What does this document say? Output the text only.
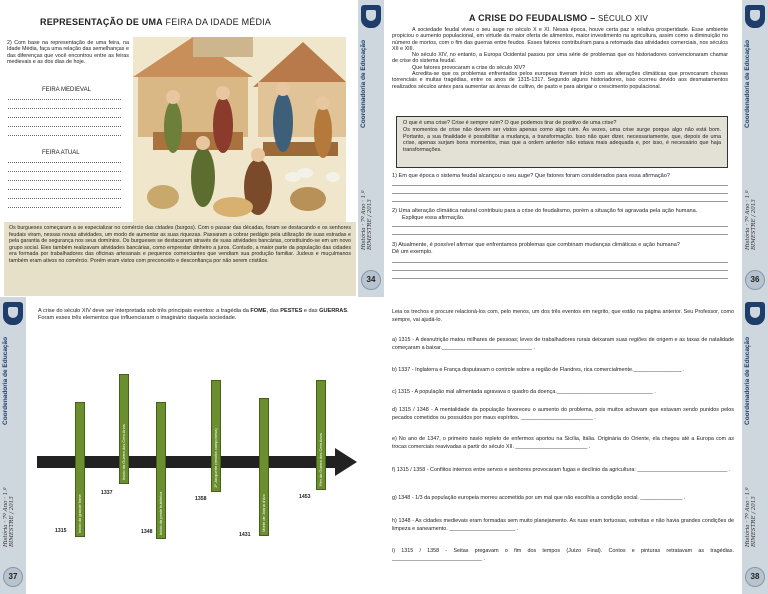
REPRESENTAÇÃO DE UMA FEIRA DA IDADE MÉDIA
2) Com base na representação de uma feira, na Idade Média, faça uma relação das semelhanças e das diferenças que você encontrou entre as feiras medievais e as dos dias de hoje.
FEIRA MEDIEVAL
FEIRA ATUAL
Os burgueses começaram a se especializar no comércio das cidades (burgos). Com o passar das décadas, foram se destacando e os senhores feudais viram, nessas novas atividades, um modo de aumentar as suas riquezas. Passaram a cobrar pedágio pela utilização de suas estradas e pela garantia de segurança nos seus domínios. Os burgueses se destacaram através de suas atividades bancárias, constituindo-se em um novo grupo social. Eles também realizavam atividades bancárias, como emprestar dinheiro a juros. Contudo, a maior parte da população das cidades era formada por trabalhadores das oficinas artesanais e pequenos comerciantes que vendiam sua produção familiar. Judeus e muçulmanos também eram ativos no comércio. Porém eram vistos com preconceito e desconfiança por não serem cristãos.
Coordenadoria de Educação
História · 7º Ano · 1.º BIMESTRE / 2013
34
A CRISE DO FEUDALISMO – SÉCULO XIV

A sociedade feudal viveu o seu auge no século X e XI. Nessa época, houve certa paz e relativa prosperidade. Esse ambiente propiciou o aumento populacional, em virtude da maior oferta de alimentos, maior investimento na agricultura, assim como a diminuição no número de mortos, com o fim das guerras entre feudos. Esses fatores contribuíram para a retomada das atividades comerciais, nos séculos XII e XIII.

No século XIV, no entanto, a Europa Ocidental passou por uma série de problemas que os historiadores convencionaram chamar de crise do sistema feudal.

Que fatores provocaram a crise do século XIV?

Acredita-se que os problemas enfrentados pelos europeus tiveram início com as alterações climáticas que provocaram chuvas torrenciais e muitas tragédias, entre os anos de 1315-1317. Segundo alguns historiadores, isso ocorreu devido aos desmatamentos realizados séculos antes para aumentar as áreas de cultivo, de pasto e para abrigar o crescimento populacional.

O que é uma crise? Crise é sempre ruim? O que podemos tirar de positivo de uma crise?

Os momentos de crise não devem ser vistos apenas como algo ruim. Às vezes, uma crise surge porque algo não está bom. Portanto, a sua finalidade é possibilitar a mudança, a transformação. Isso não quer dizer, necessariamente, que, depois de uma crise, apenas surjam bons momentos, mas que a ordem anterior não estava mais adequada e, por isso, é necessário que haja transformações.

1) Em que época o sistema feudal alcançou o seu auge? Que fatores foram considerados para essa afirmação?
2) Uma alteração climática natural contribuiu para a crise do feudalismo, porém a situação foi agravada pela ação humana.
Explique essa afirmação.
3) Atualmente, é possível afirmar que enfrentamos problemas que combinam mudanças climáticas e ação humana?
Dê um exemplo.
Coordenadoria de Educação
História · 7º Ano · 1.º BIMESTRE / 2013
36
Coordenadoria de Educação
História · 7º Ano · 1.º BIMESTRE / 2013
37
A crise do século XIV deve ser interpretada sob três principais eventos: a tragédia da FOME, das PESTES e das GUERRAS. Foram esses três elementos que influenciaram o imaginário daquela sociedade.
Início da grande fome
1315
Início da Guerra dos Cem Anos
1337	Início da peste bubônica
1348
1ª Jacquerie (revolta camponesa)
1358	Morte de Joana d'Arc
1431
Fim da Guerra dos Cem Anos
1453
Leia os trechos e procure relacioná-los com, pelo menos, um dos três eventos em negrito, que estão na página anterior. Seu Professor, como sempre, vai ajudá-lo.
a) 1315 - A desnutrição matou milhares de pessoas; leves de trabalhadores rurais deixaram suas regiões de origem e as taxas de natalidade começaram a baixar.______________________________ .
b) 1337 - Inglaterra e França disputavam o controle sobre a região de Flandres, rica comercialmente.________________ .
c) 1315 - A população mal alimentada agravava o quadro da doença.________________________________ .
d) 1315 / 1348 - A mentalidade da população favoreceu o aumento do problema, pois muitos achavam que estavam sendo punidos pelos pecados cometidos ou possuídos por maus espíritos. ________________________ .
e) No ano de 1347, o primeiro navio repleto de enfermos aportou na Sicília, Itália. Originária do Oriente, ela chegou até a Europa com as trocas comerciais reavivadas a partir do século XII. ________________________ .
f) 1315 / 1358 - Conflitos internos entre servos e senhores provocaram fugas e declínio da agricultura: ______________________________ .
g) 1348 - 1/3 da população europeia morreu acometida por um mal que não escolhia a condição social. ______________ .
h) 1348 - As cidades medievais eram formadas sem muito planejamento. As ruas eram tortuosas, estreitas e não havia grandes condições de limpeza e saneamento. ______________________ .
i) 1315 / 1358 - Seitas pregavam o fim dos tempos (Juízo Final). Contos e pinturas retratavam as tragédias. ______________________________ .
Coordenadoria de Educação
História · 7º Ano · 1.º BIMESTRE / 2013
38
